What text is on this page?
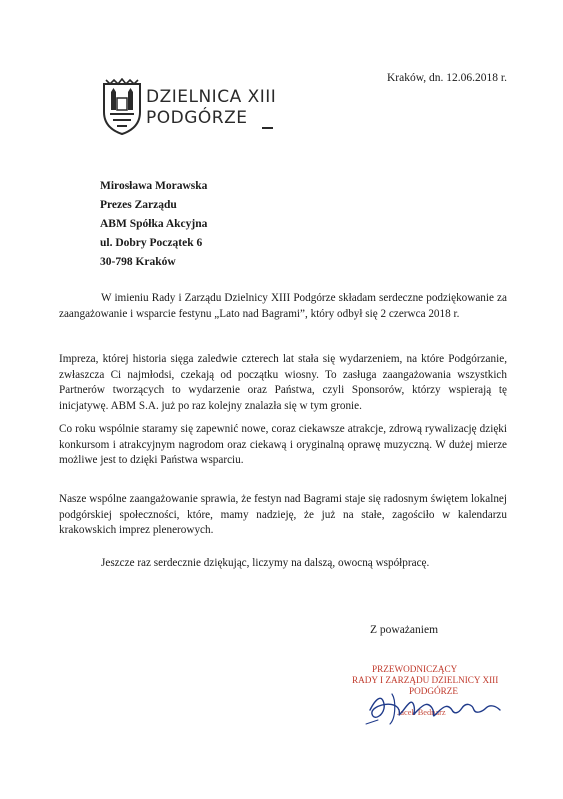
DZIELNICA XIII
PODGÓRZE
Kraków, dn. 12.06.2018 r.
Mirosława Morawska
Prezes Zarządu
ABM Spółka Akcyjna
ul. Dobry Początek 6
30-798 Kraków
W imieniu Rady i Zarządu Dzielnicy XIII Podgórze składam serdeczne podziękowanie za zaangażowanie i wsparcie festynu „Lato nad Bagrami”, który odbył się 2 czerwca 2018 r.
Impreza, której historia sięga zaledwie czterech lat stała się wydarzeniem, na które Podgórzanie, zwłaszcza Ci najmłodsi, czekają od początku wiosny. To zasługa zaangażowania wszystkich Partnerów tworzących to wydarzenie oraz Państwa, czyli Sponsorów, którzy wspierają tę inicjatywę. ABM S.A. już po raz kolejny znalazła się w tym gronie.
Co roku wspólnie staramy się zapewnić nowe, coraz ciekawsze atrakcje, zdrową rywalizację dzięki konkursom i atrakcyjnym nagrodom oraz ciekawą i oryginalną oprawę muzyczną. W dużej mierze możliwe jest to dzięki Państwa wsparciu.
Nasze wspólne zaangażowanie sprawia, że festyn nad Bagrami staje się radosnym świętem lokalnej podgórskiej społeczności, które, mamy nadzieję, że już na stałe, zagościło w kalendarzu krakowskich imprez plenerowych.
Jeszcze raz serdecznie dziękując, liczymy na dalszą, owocną współpracę.
Z poważaniem
PRZEWODNICZĄCY
RADY I ZARZĄDU DZIELNICY XIII
PODGÓRZE
Jacek Bednarz
